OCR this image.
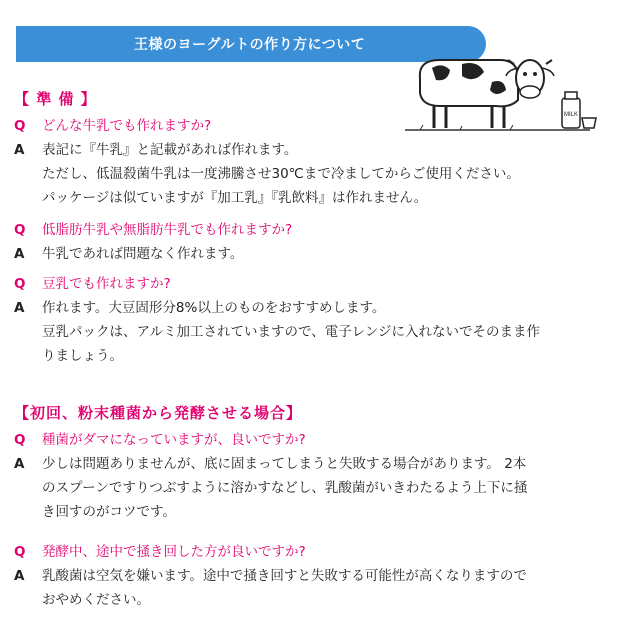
王様のヨーグルトの作り方について
MILK
【 準 備 】
Q	どんな牛乳でも作れますか?
A	表記に『牛乳』と記載があれば作れます。
ただし、低温殺菌牛乳は一度沸騰させ30℃まで冷ましてからご使用ください。
パッケージは似ていますが『加工乳』『乳飲料』は作れません。
Q	低脂肪牛乳や無脂肪牛乳でも作れますか?
A	牛乳であれば問題なく作れます。
Q	豆乳でも作れますか?
A	作れます。大豆固形分8%以上のものをおすすめします。
豆乳パックは、アルミ加工されていますので、電子レンジに入れないでそのまま作
りましょう。
【初回、粉末種菌から発酵させる場合】
Q	種菌がダマになっていますが、良いですか?
A	少しは問題ありませんが、底に固まってしまうと失敗する場合があります。 2本
のスプーンですりつぶすように溶かすなどし、乳酸菌がいきわたるよう上下に掻
き回すのがコツです。
Q	発酵中、途中で掻き回した方が良いですか?
A	乳酸菌は空気を嫌います。途中で掻き回すと失敗する可能性が高くなりますので
おやめください。
